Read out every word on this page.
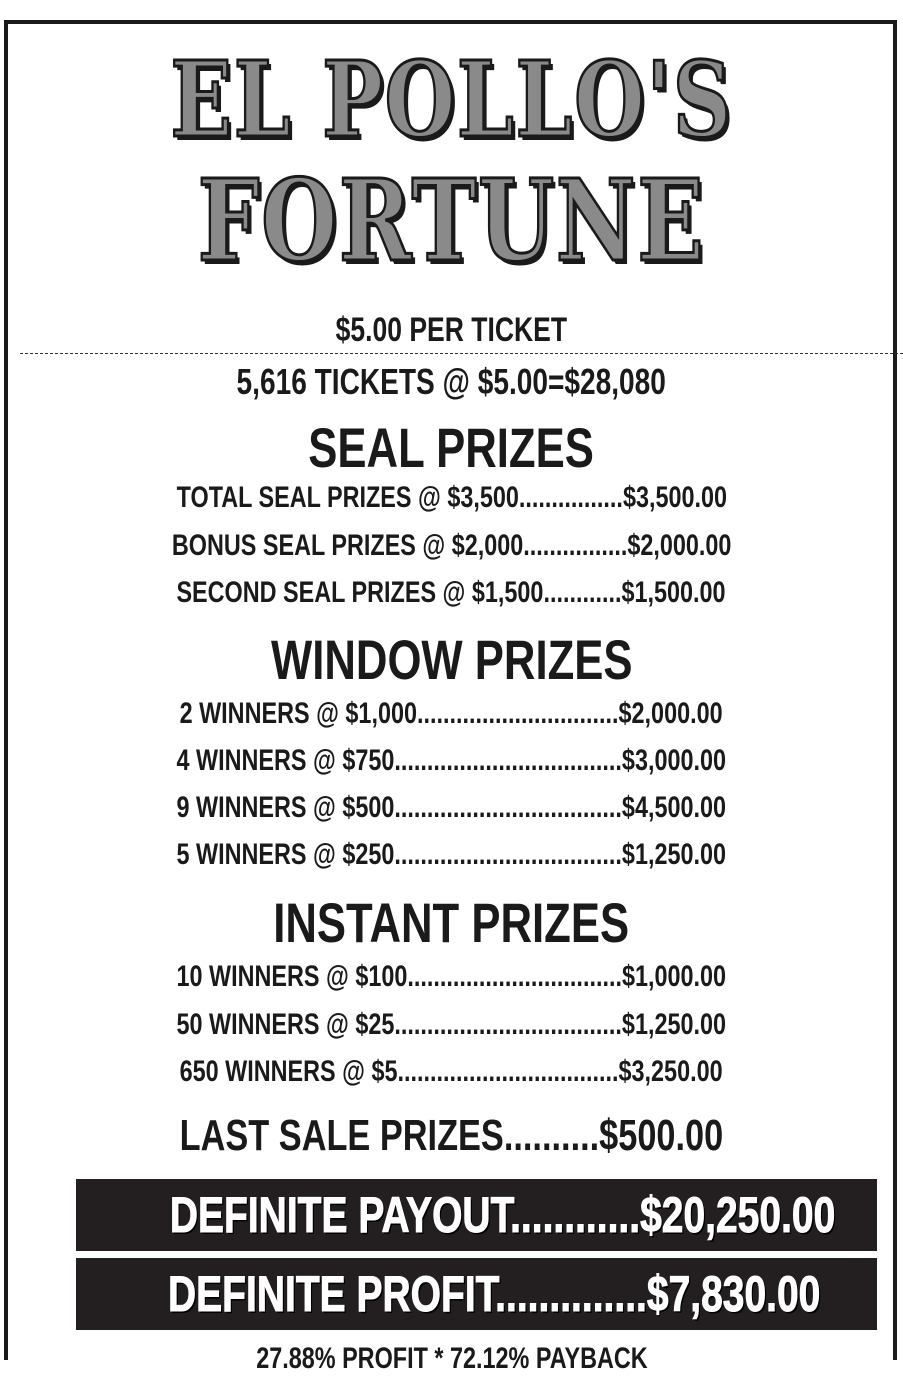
EL POLLO'S
FORTUNE
$5.00 PER TICKET
5,616 TICKETS @ $5.00=$28,080
SEAL PRIZES
TOTAL SEAL PRIZES @ $3,500................$3,500.00
BONUS SEAL PRIZES @ $2,000................$2,000.00
SECOND SEAL PRIZES @ $1,500............$1,500.00
WINDOW PRIZES
2 WINNERS @ $1,000...............................$2,000.00
4 WINNERS @ $750...................................$3,000.00
9 WINNERS @ $500...................................$4,500.00
5 WINNERS @ $250...................................$1,250.00
INSTANT PRIZES
10 WINNERS @ $100.................................$1,000.00
50 WINNERS @ $25...................................$1,250.00
650 WINNERS @ $5..................................$3,250.00
LAST SALE PRIZES..........$500.00
DEFINITE PAYOUT............$20,250.00
DEFINITE PROFIT..............$7,830.00
27.88% PROFIT * 72.12% PAYBACK
